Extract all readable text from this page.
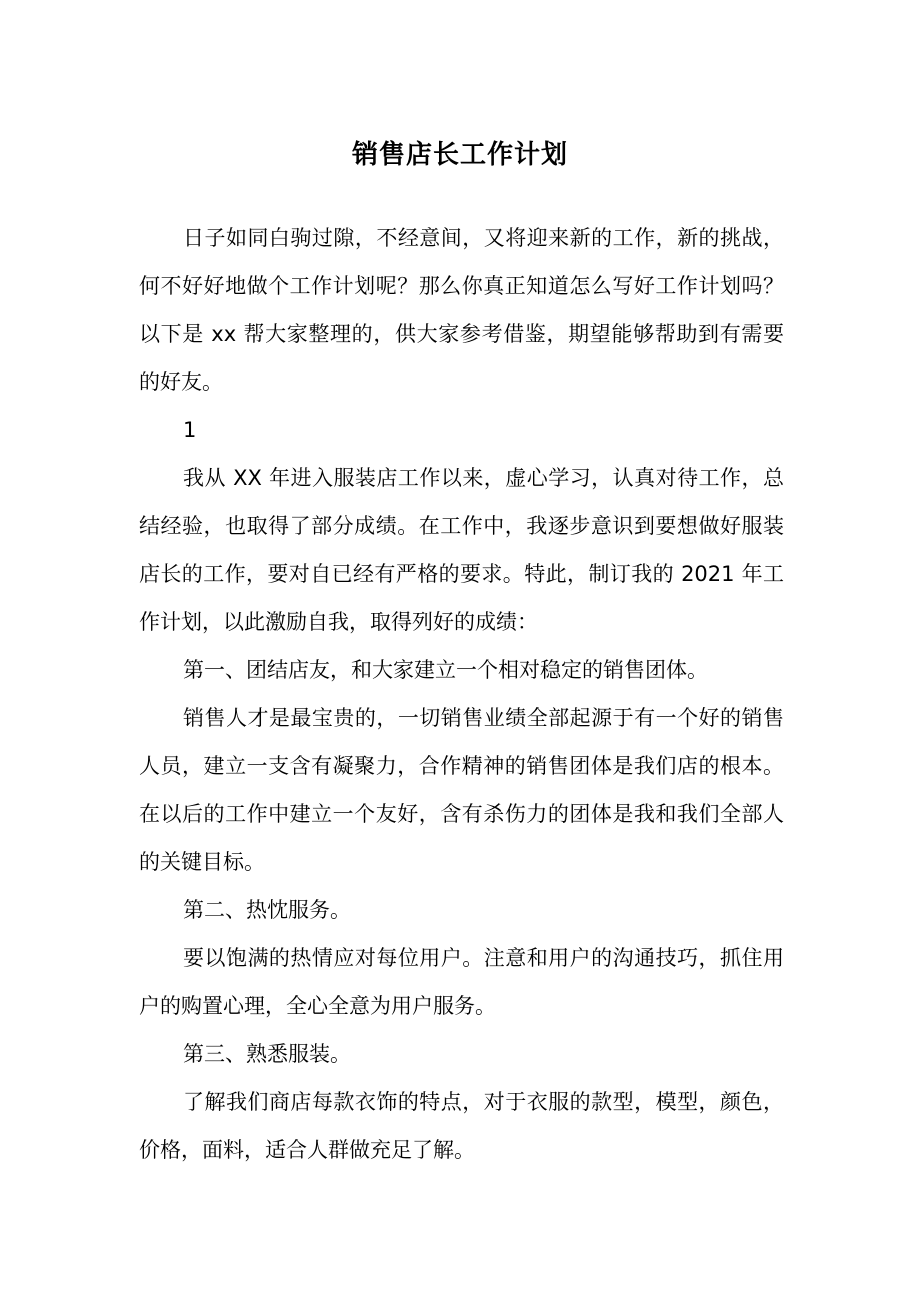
销售店长工作计划

日子如同白驹过隙，不经意间，又将迎来新的工作，新的挑战，何不好好地做个工作计划呢？那么你真正知道怎么写好工作计划吗？以下是 xx 帮大家整理的，供大家参考借鉴，期望能够帮助到有需要的好友。

1

我从 XX 年进入服装店工作以来，虚心学习，认真对待工作，总结经验，也取得了部分成绩。在工作中，我逐步意识到要想做好服装店长的工作，要对自已经有严格的要求。特此，制订我的 2021 年工作计划，以此激励自我，取得列好的成绩：

第一、团结店友，和大家建立一个相对稳定的销售团体。

销售人才是最宝贵的，一切销售业绩全部起源于有一个好的销售人员，建立一支含有凝聚力，合作精神的销售团体是我们店的根本。在以后的工作中建立一个友好，含有杀伤力的团体是我和我们全部人的关键目标。

第二、热忱服务。

要以饱满的热情应对每位用户。注意和用户的沟通技巧，抓住用户的购置心理，全心全意为用户服务。

第三、熟悉服装。

了解我们商店每款衣饰的特点，对于衣服的款型，模型，颜色，价格，面料，适合人群做充足了解。
